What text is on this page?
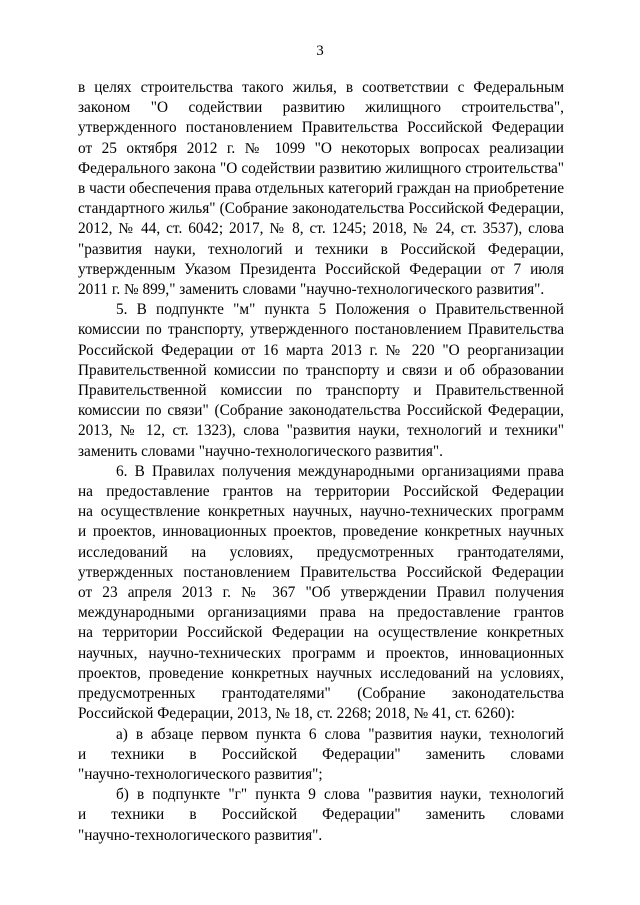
3
в целях строительства такого жилья, в соответствии с Федеральным
законом "О содействии развитию жилищного строительства",
утвержденного постановлением Правительства Российской Федерации
от 25 октября 2012 г. № 1099 "О некоторых вопросах реализации
Федерального закона "О содействии развитию жилищного строительства"
в части обеспечения права отдельных категорий граждан на приобретение
стандартного жилья" (Собрание законодательства Российской Федерации,
2012, № 44, ст. 6042; 2017, № 8, ст. 1245; 2018, № 24, ст. 3537), слова
"развития науки, технологий и техники в Российской Федерации,
утвержденным Указом Президента Российской Федерации от 7 июля
2011 г. № 899," заменить словами "научно-технологического развития".
5. В подпункте "м" пункта 5 Положения о Правительственной
комиссии по транспорту, утвержденного постановлением Правительства
Российской Федерации от 16 марта 2013 г. № 220 "О реорганизации
Правительственной комиссии по транспорту и связи и об образовании
Правительственной комиссии по транспорту и Правительственной
комиссии по связи" (Собрание законодательства Российской Федерации,
2013, № 12, ст. 1323), слова "развития науки, технологий и техники"
заменить словами "научно-технологического развития".
6. В Правилах получения международными организациями права
на предоставление грантов на территории Российской Федерации
на осуществление конкретных научных, научно-технических программ
и проектов, инновационных проектов, проведение конкретных научных
исследований на условиях, предусмотренных грантодателями,
утвержденных постановлением Правительства Российской Федерации
от 23 апреля 2013 г. № 367 "Об утверждении Правил получения
международными организациями права на предоставление грантов
на территории Российской Федерации на осуществление конкретных
научных, научно-технических программ и проектов, инновационных
проектов, проведение конкретных научных исследований на условиях,
предусмотренных грантодателями" (Собрание законодательства
Российской Федерации, 2013, № 18, ст. 2268; 2018, № 41, ст. 6260):
а) в абзаце первом пункта 6 слова "развития науки, технологий
и техники в Российской Федерации" заменить словами
"научно-технологического развития";
б) в подпункте "г" пункта 9 слова "развития науки, технологий
и техники в Российской Федерации" заменить словами
"научно-технологического развития".
